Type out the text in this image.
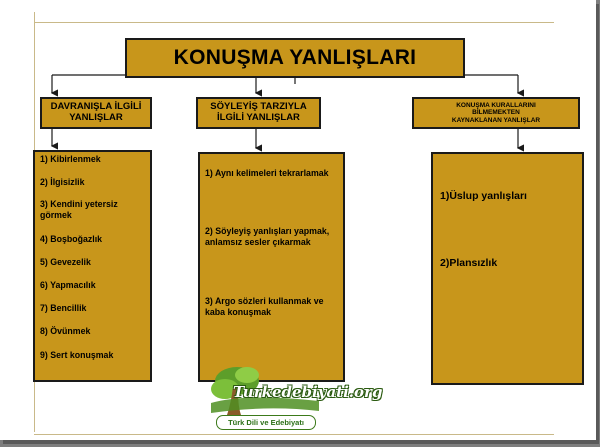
KONUŞMA YANLIŞLARI
DAVRANIŞLA İLGİLİ
YANLIŞLAR
SÖYLEYİŞ TARZIYLA
İLGİLİ YANLIŞLAR
KONUŞMA KURALLARINI
BİLMEMEKTEN
KAYNAKLANAN YANLIŞLAR
1) Kibirlenmek
2) İlgisizlik
3) Kendini yetersiz görmek
4) Boşboğazlık
5) Gevezelik
6) Yapmacılık
7) Bencillik
8) Övünmek
9) Sert konuşmak
1) Aynı kelimeleri tekrarlamak
2) Söyleyiş yanlışları yapmak, anlamsız sesler çıkarmak
3) Argo sözleri kullanmak ve kaba konuşmak
1)Üslup yanlışları
2)Plansızlık
Turkedebiyati.org
Türk Dili ve Edebiyatı
